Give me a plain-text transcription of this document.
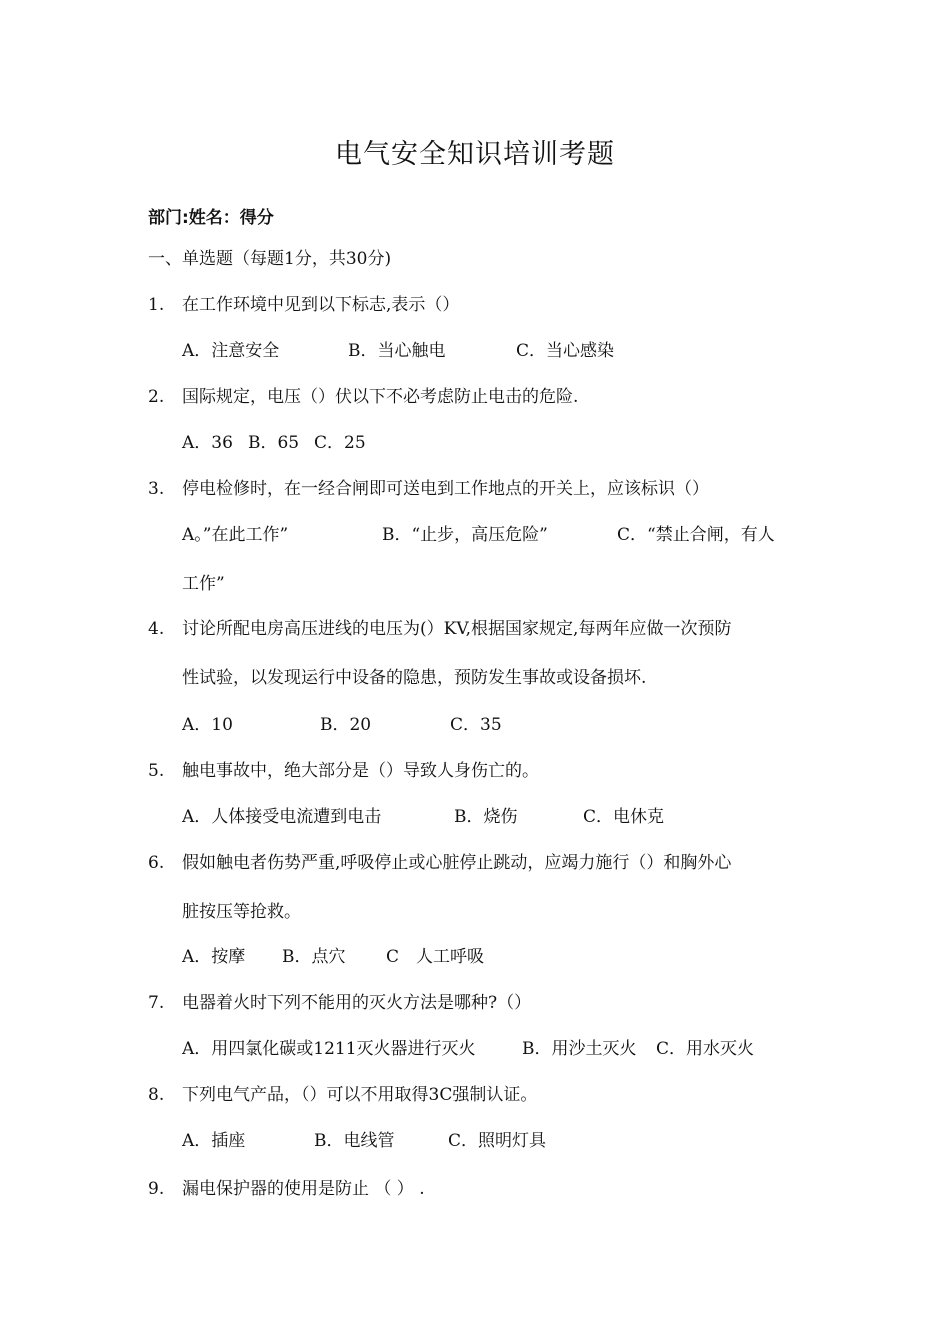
电气安全知识培训考题
部门:姓名：得分
一、单选题（每题1分，共30分)
1. 在工作环境中见到以下标志,表示（）
A．注意安全	B．当心触电	C．当心感染
2. 国际规定，电压（）伏以下不必考虑防止电击的危险.
A．36 B．65 C．25
3. 停电检修时，在一经合闸即可送电到工作地点的开关上，应该标识（）
A。”在此工作”	B．“止步，高压危险”	C．“禁止合闸，有人
工作”
4. 讨论所配电房高压进线的电压为(）KV,根据国家规定,每两年应做一次预防
性试验，以发现运行中设备的隐患，预防发生事故或设备损坏.
A．10	B．20	C．35
5. 触电事故中，绝大部分是（）导致人身伤亡的。
A．人体接受电流遭到电击	B．烧伤	C．电休克
6. 假如触电者伤势严重,呼吸停止或心脏停止跳动，应竭力施行（）和胸外心
脏按压等抢救。
A．按摩 B．点穴 C　人工呼吸
7. 电器着火时下列不能用的灭火方法是哪种?（）
A．用四氯化碳或1211灭火器进行灭火	B．用沙土灭火 C．用水灭火
8. 下列电气产品，（）可以不用取得3C强制认证。
A．插座	B．电线管	C．照明灯具
9. 漏电保护器的使用是防止 （ ） .
